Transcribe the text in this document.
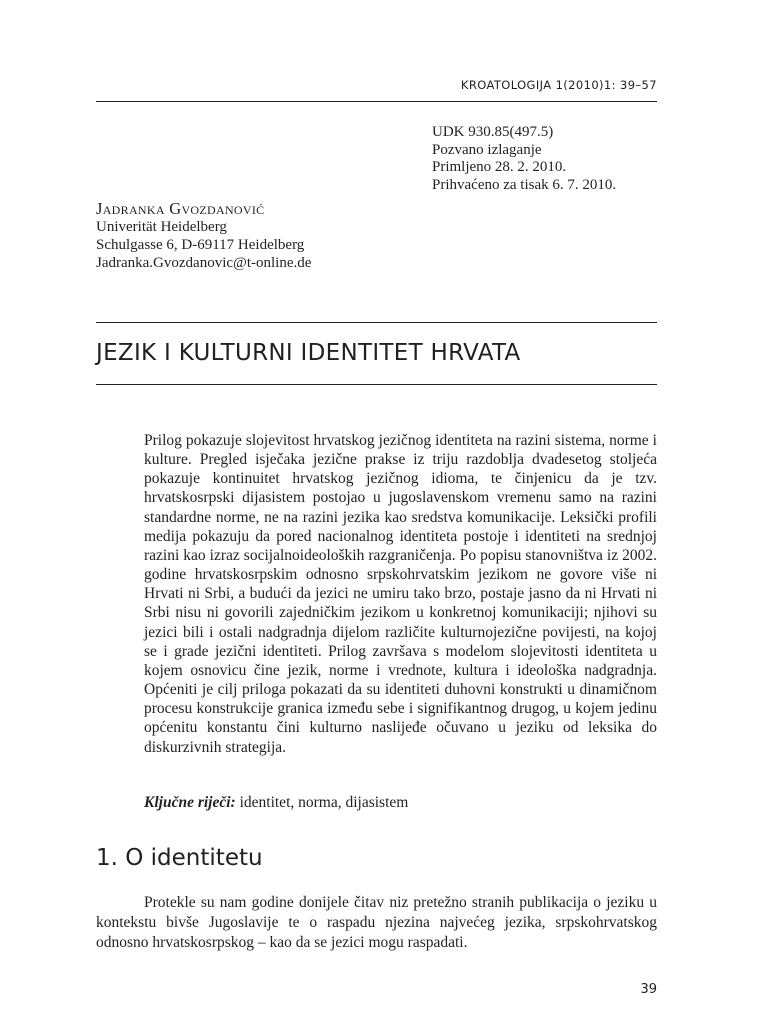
KROATOLOGIJA 1(2010)1: 39–57
UDK 930.85(497.5)
Pozvano izlaganje
Primljeno 28. 2. 2010.
Prihvaćeno za tisak 6. 7. 2010.
Jadranka Gvozdanović
Univerität Heidelberg
Schulgasse 6, D-69117 Heidelberg
Jadranka.Gvozdanovic@t-online.de
JEZIK I KULTURNI IDENTITET HRVATA

Prilog pokazuje slojevitost hrvatskog jezičnog identiteta na razini sistema, norme i kulture. Pregled isječaka jezične prakse iz triju razdoblja dvadesetog stoljeća pokazuje kontinuitet hrvatskog jezičnog idioma, te činjenicu da je tzv. hrvatskosrpski dijasistem postojao u jugoslavenskom vremenu samo na razini standardne norme, ne na razini jezika kao sredstva komunikacije. Leksički profili medija pokazuju da pored nacionalnog identiteta postoje i identiteti na srednjoj razini kao izraz socijalnoideoloških razgraničenja. Po popisu stanovništva iz 2002. godine hrvatskosrpskim odnosno srpskohrvatskim jezikom ne govore više ni Hrvati ni Srbi, a budući da jezici ne umiru tako brzo, postaje jasno da ni Hrvati ni Srbi nisu ni govorili zajedničkim jezikom u konkretnoj komunikaciji; njihovi su jezici bili i ostali nadgradnja dijelom različite kulturnojezične povijesti, na kojoj se i grade jezični identiteti. Prilog završava s modelom slojevitosti identiteta u kojem osnovicu čine jezik, norme i vrednote, kultura i ideološka nadgradnja. Općeniti je cilj priloga pokazati da su identiteti duhovni konstrukti u dinamičnom procesu konstrukcije granica između sebe i signifikantnog drugog, u kojem jedinu općenitu konstantu čini kulturno naslijeđe očuvano u jeziku od leksika do diskurzivnih strategija.

Ključne riječi: identitet, norma, dijasistem
1. O identitetu

Protekle su nam godine donijele čitav niz pretežno stranih publikacija o jeziku u kontekstu bivše Jugoslavije te o raspadu njezina najvećeg jezika, srpskohrvatskog odnosno hrvatskosrpskog – kao da se jezici mogu raspadati.

39
